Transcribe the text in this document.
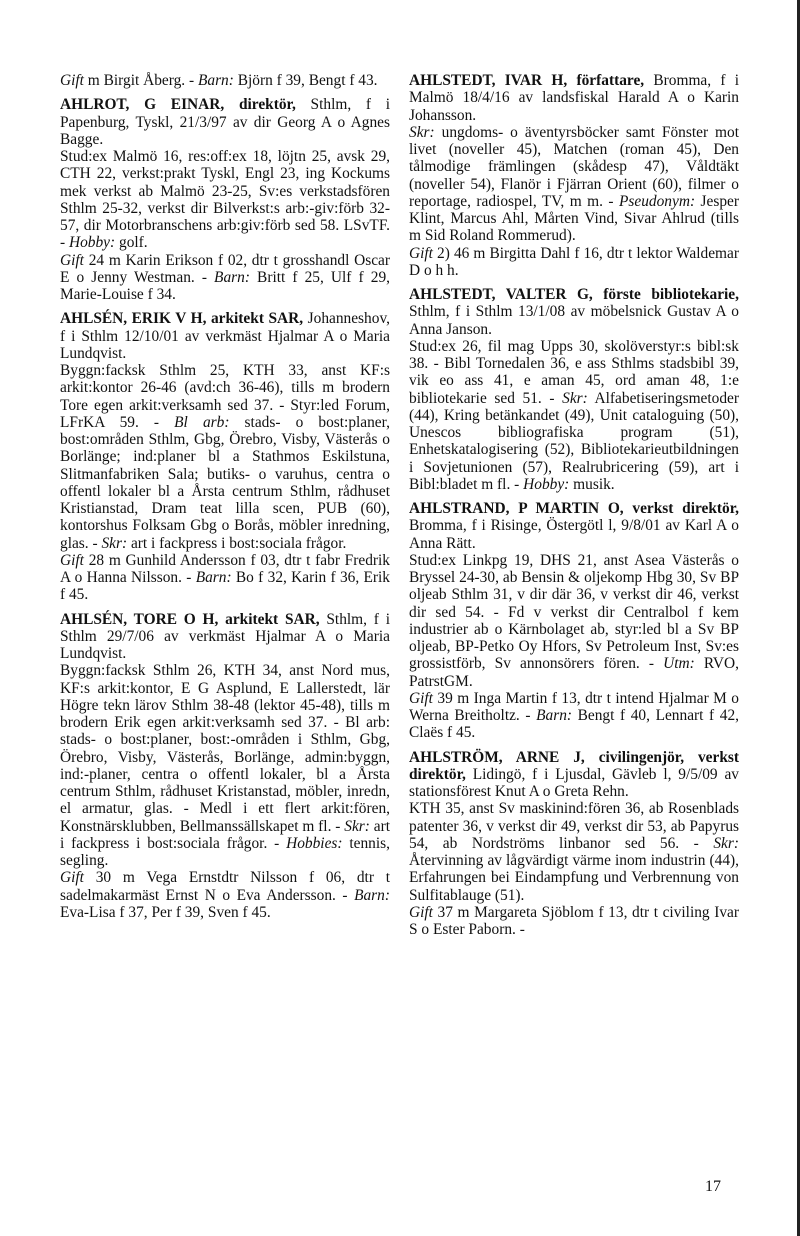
Gift m Birgit Åberg. - Barn: Björn f 39, Bengt f 43.

AHLROT, G EINAR, direktör, Sthlm, f i Papenburg, Tyskl, 21/3/97 av dir Georg A o Agnes Bagge.

Stud:ex Malmö 16, res:off:ex 18, löjtn 25, avsk 29, CTH 22, verkst:prakt Tyskl, Engl 23, ing Kockums mek verkst ab Malmö 23-25, Sv:es verkstadsfören Sthlm 25-32, verkst dir Bilverkst:s arb:-giv:förb 32-57, dir Motorbranschens arb:giv:förb sed 58. LSvTF. - Hobby: golf.

Gift 24 m Karin Erikson f 02, dtr t grosshandl Oscar E o Jenny Westman. - Barn: Britt f 25, Ulf f 29, Marie-Louise f 34.

AHLSÉN, ERIK V H, arkitekt SAR, Johanneshov, f i Sthlm 12/10/01 av verkmäst Hjalmar A o Maria Lundqvist.

Byggn:facksk Sthlm 25, KTH 33, anst KF:s arkit:kontor 26-46 (avd:ch 36-46), tills m brodern Tore egen arkit:verksamh sed 37. - Styr:led Forum, LFrKA 59. - Bl arb: stads- o bost:planer, bost:områden Sthlm, Gbg, Örebro, Visby, Västerås o Borlänge; ind:planer bl a Stathmos Eskilstuna, Slitmanfabriken Sala; butiks- o varuhus, centra o offentl lokaler bl a Årsta centrum Sthlm, rådhuset Kristianstad, Dram teat lilla scen, PUB (60), kontorshus Folksam Gbg o Borås, möbler inredning, glas. - Skr: art i fackpress i bost:sociala frågor.

Gift 28 m Gunhild Andersson f 03, dtr t fabr Fredrik A o Hanna Nilsson. - Barn: Bo f 32, Karin f 36, Erik f 45.

AHLSÉN, TORE O H, arkitekt SAR, Sthlm, f i Sthlm 29/7/06 av verkmäst Hjalmar A o Maria Lundqvist.

Byggn:facksk Sthlm 26, KTH 34, anst Nord mus, KF:s arkit:kontor, E G Asplund, E Lallerstedt, lär Högre tekn lärov Sthlm 38-48 (lektor 45-48), tills m brodern Erik egen arkit:verksamh sed 37. - Bl arb: stads- o bost:planer, bost:-områden i Sthlm, Gbg, Örebro, Visby, Västerås, Borlänge, admin:byggn, ind:-planer, centra o offentl lokaler, bl a Årsta centrum Sthlm, rådhuset Kristanstad, möbler, inredn, el armatur, glas. - Medl i ett flert arkit:fören, Konstnärsklubben, Bellmanssällskapet m fl. - Skr: art i fackpress i bost:sociala frågor. - Hobbies: tennis, segling.

Gift 30 m Vega Ernstdtr Nilsson f 06, dtr t sadelmakarmäst Ernst N o Eva Andersson. - Barn: Eva-Lisa f 37, Per f 39, Sven f 45.

AHLSTEDT, IVAR H, författare, Bromma, f i Malmö 18/4/16 av landsfiskal Harald A o Karin Johansson.

Skr: ungdoms- o äventyrsböcker samt Fönster mot livet (noveller 45), Matchen (roman 45), Den tålmodige främlingen (skådesp 47), Våldtäkt (noveller 54), Flanör i Fjärran Orient (60), filmer o reportage, radiospel, TV, m m. - Pseudonym: Jesper Klint, Marcus Ahl, Mårten Vind, Sivar Ahlrud (tills m Sid Roland Rommerud).

Gift 2) 46 m Birgitta Dahl f 16, dtr t lektor Waldemar D o h h.

AHLSTEDT, VALTER G, förste bibliotekarie, Sthlm, f i Sthlm 13/1/08 av möbelsnick Gustav A o Anna Janson.

Stud:ex 26, fil mag Upps 30, skolöverstyr:s bibl:sk 38. - Bibl Tornedalen 36, e ass Sthlms stadsbibl 39, vik eo ass 41, e aman 45, ord aman 48, 1:e bibliotekarie sed 51. - Skr: Alfabetiseringsmetoder (44), Kring betänkandet (49), Unit cataloguing (50), Unescos bibliografiska program (51), Enhetskatalogisering (52), Bibliotekarieutbildningen i Sovjetunionen (57), Realrubricering (59), art i Bibl:bladet m fl. - Hobby: musik.

AHLSTRAND, P MARTIN O, verkst direktör, Bromma, f i Risinge, Östergötl l, 9/8/01 av Karl A o Anna Rätt.

Stud:ex Linkpg 19, DHS 21, anst Asea Västerås o Bryssel 24-30, ab Bensin & oljekomp Hbg 30, Sv BP oljeab Sthlm 31, v dir där 36, v verkst dir 46, verkst dir sed 54. - Fd v verkst dir Centralbol f kem industrier ab o Kärnbolaget ab, styr:led bl a Sv BP oljeab, BP-Petko Oy Hfors, Sv Petroleum Inst, Sv:es grossistförb, Sv annonsörers fören. - Utm: RVO, PatrstGM.

Gift 39 m Inga Martin f 13, dtr t intend Hjalmar M o Werna Breitholtz. - Barn: Bengt f 40, Lennart f 42, Claës f 45.

AHLSTRÖM, ARNE J, civilingenjör, verkst direktör, Lidingö, f i Ljusdal, Gävleb l, 9/5/09 av stationsförest Knut A o Greta Rehn.

KTH 35, anst Sv maskinind:fören 36, ab Rosenblads patenter 36, v verkst dir 49, verkst dir 53, ab Papyrus 54, ab Nordströms linbanor sed 56. - Skr: Återvinning av lågvärdigt värme inom industrin (44), Erfahrungen bei Eindampfung und Verbrennung von Sulfitablauge (51).

Gift 37 m Margareta Sjöblom f 13, dtr t civiling Ivar S o Ester Paborn. -

17
